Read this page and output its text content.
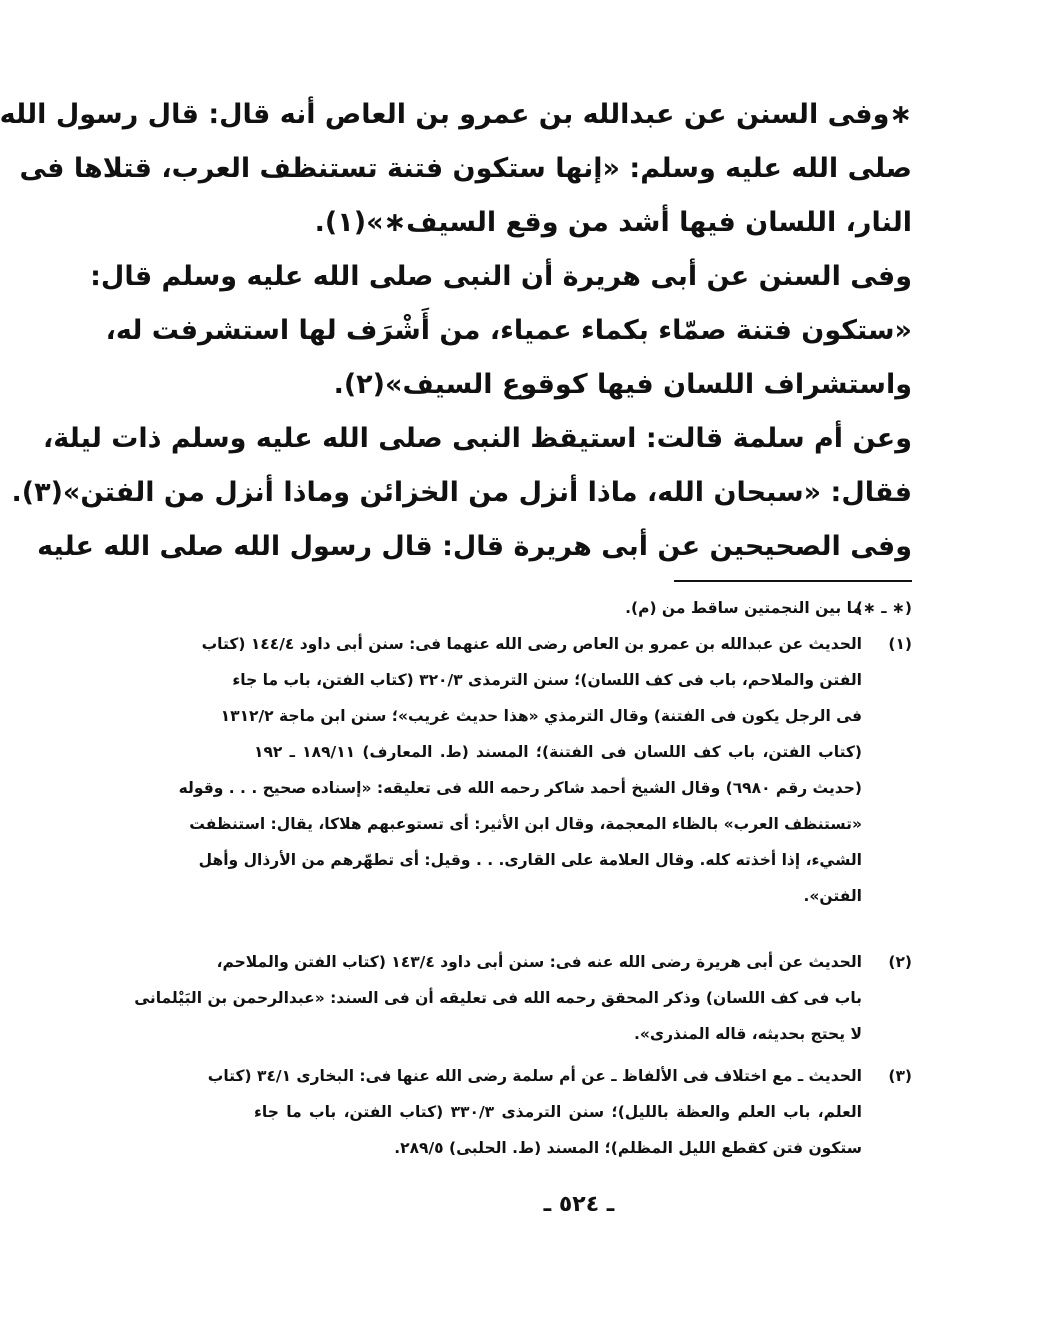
∗وفى السنن عن عبدالله بن عمرو بن العاص أنه قال: قال رسول الله
صلى الله عليه وسلم: «إنها ستكون فتنة تستنظف العرب، قتلاها فى
النار، اللسان فيها أشد من وقع السيف∗»(١).
وفى السنن عن أبى هريرة أن النبى صلى الله عليه وسلم قال:
«ستكون فتنة صمّاء بكماء عمياء، من أَشْرَف لها استشرفت له،
واستشراف اللسان فيها كوقوع السيف»(٢).
وعن أم سلمة قالت: استيقظ النبى صلى الله عليه وسلم ذات ليلة،
فقال: «سبحان الله، ماذا أنزل من الخزائن وماذا أنزل من الفتن»(٣).
وفى الصحيحين عن أبى هريرة قال: قال رسول الله صلى الله عليه
(∗ ـ ∗)
ما بين النجمتين ساقط من (م).
(١)
الحديث عن عبدالله بن عمرو بن العاص رضى الله عنهما فى: سنن أبى داود ١٤٤/٤ (كتاب
الفتن والملاحم، باب فى كف اللسان)؛ سنن الترمذى ٣٢٠/٣ (كتاب الفتن، باب ما جاء
فى الرجل يكون فى الفتنة) وقال الترمذي «هذا حديث غريب»؛ سنن ابن ماجة ١٣١٢/٢
(كتاب الفتن، باب كف اللسان فى الفتنة)؛ المسند (ط. المعارف) ١٨٩/١١ ـ ١٩٢
(حديث رقم ٦٩٨٠) وقال الشيخ أحمد شاكر رحمه الله فى تعليقه: «إسناده صحيح . . . وقوله
«تستنظف العرب» بالظاء المعجمة، وقال ابن الأثير: أى تستوعبهم هلاكا، يقال: استنظفت
الشيء، إذا أخذته كله. وقال العلامة على القارى. . . وقيل: أى تطهّرهم من الأرذال وأهل
الفتن».
(٢)
الحديث عن أبى هريرة رضى الله عنه فى: سنن أبى داود ١٤٣/٤ (كتاب الفتن والملاحم،
باب فى كف اللسان) وذكر المحقق رحمه الله فى تعليقه أن فى السند: «عبدالرحمن بن البَيْلمانى
لا يحتج بحديثه، قاله المنذرى».
(٣)
الحديث ـ مع اختلاف فى الألفاظ ـ عن أم سلمة رضى الله عنها فى: البخارى ٣٤/١ (كتاب
العلم، باب العلم والعظة بالليل)؛ سنن الترمذى ٣٣٠/٣ (كتاب الفتن، باب ما جاء
ستكون فتن كقطع الليل المظلم)؛ المسند (ط. الحلبى) ٢٨٩/٥.
ـ ٥٢٤ ـ
